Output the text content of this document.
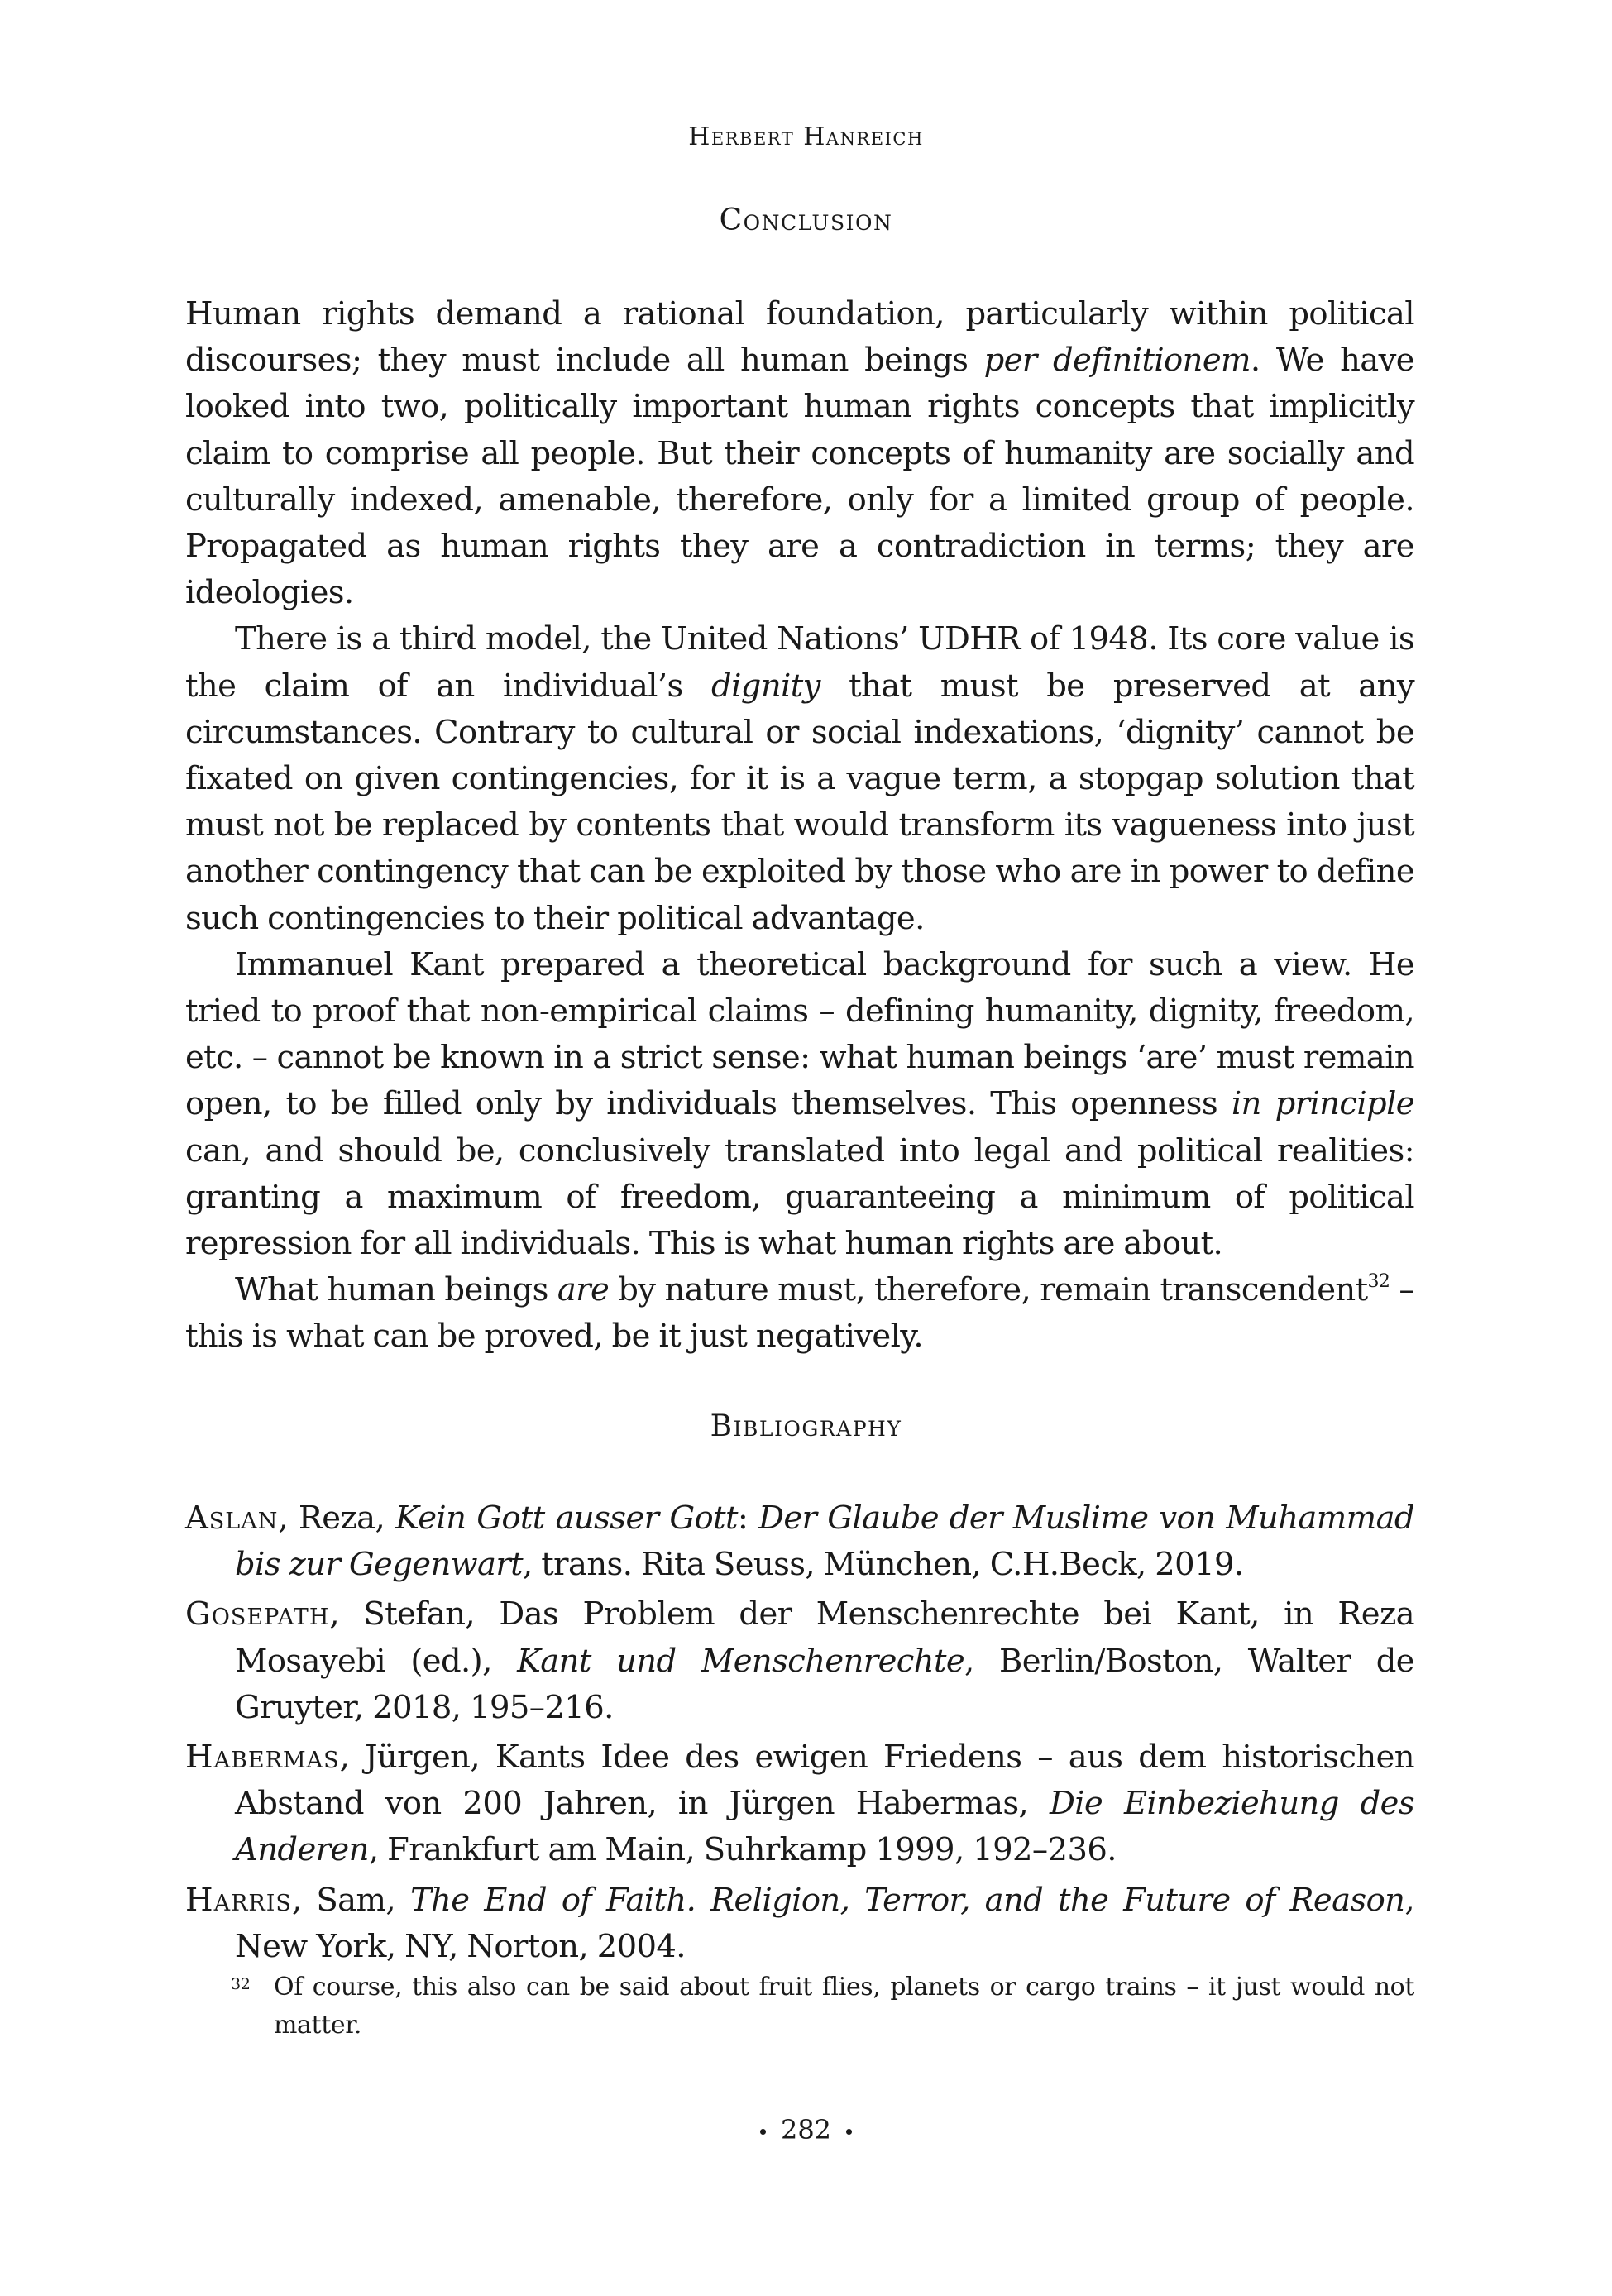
Herbert Hanreich
Conclusion

Human rights demand a rational foundation, particularly within political discourses; they must include all human beings per definitionem. We have looked into two, politically important human rights concepts that implicitly claim to comprise all people. But their concepts of humanity are socially and culturally indexed, amenable, therefore, only for a limited group of people. Propagated as human rights they are a contradiction in terms; they are ideologies.

There is a third model, the United Nations’ UDHR of 1948. Its core value is the claim of an individual’s dignity that must be preserved at any circumstances. Contrary to cultural or social indexations, ‘dignity’ cannot be fixated on given contingencies, for it is a vague term, a stopgap solution that must not be replaced by contents that would transform its vagueness into just another contingency that can be exploited by those who are in power to define such contingencies to their political advantage.

Immanuel Kant prepared a theoretical background for such a view. He tried to proof that non-empirical claims – defining humanity, dignity, freedom, etc. – cannot be known in a strict sense: what human beings ‘are’ must remain open, to be filled only by individuals themselves. This openness in principle can, and should be, conclusively translated into legal and political realities: granting a maximum of freedom, guaranteeing a minimum of political repression for all individuals. This is what human rights are about.

What human beings are by nature must, therefore, remain transcendent$^{32}$ – this is what can be proved, be it just negatively.

Bibliography

Aslan, Reza, Kein Gott ausser Gott: Der Glaube der Muslime von Muhammad bis zur Gegenwart, trans. Rita Seuss, München, C.H.Beck, 2019.

Gosepath, Stefan, Das Problem der Menschenrechte bei Kant, in Reza Mosayebi (ed.), Kant und Menschenrechte, Berlin/Boston, Walter de Gruyter, 2018, 195–216.

Habermas, Jürgen, Kants Idee des ewigen Friedens – aus dem historischen Abstand von 200 Jahren, in Jürgen Habermas, Die Einbeziehung des Anderen, Frankfurt am Main, Suhrkamp 1999, 192–236.

Harris, Sam, The End of Faith. Religion, Terror, and the Future of Reason, New York, NY, Norton, 2004.

32 Of course, this also can be said about fruit flies, planets or cargo trains – it just would not matter.
282
